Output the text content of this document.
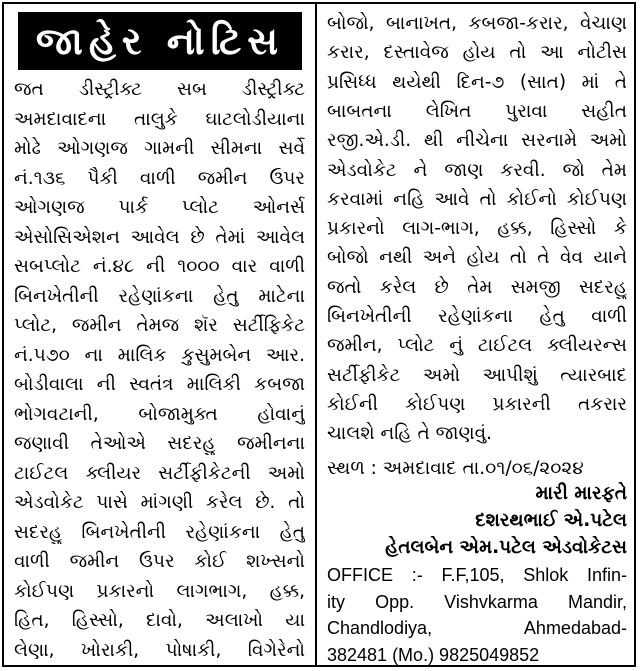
જાહેર નોટિસ
જત ડીસ્ટ્રીક્ટ સબ ડીસ્ટ્રીક્ટ
અમદાવાદના તાલુકે ઘાટલોડીયાના
મોઢે ઓગણજ ગામની સીમના સર્વે
નં.૧૩૬ પૈકી વાળી જમીન ઉપર
ઓગણજ પાર્ક પ્લોટ ઓનર્સ
એસોસિએશન આવેલ છે તેમાં આવેલ
સબપ્લોટ નં.૪૮ ની ૧૦૦૦ વાર વાળી
બિનખેતીની રહેણાંકના હેતુ માટેના
પ્લોટ, જમીન તેમજ શૅર સર્ટીફિકેટ
નં.૫૭૦ ના માલિક કુસુમબેન આર.
બોડીવાલા ની સ્વતંત્ર માલિકી કબજા
ભોગવટાની, બોજામુક્ત હોવાનું
જણાવી તેઓએ સદરહુ જમીનના
ટાઈટલ ક્લીયર સર્ટીફીકેટની અમો
એડવોકેટ પાસે માંગણી કરેલ છે. તો
સદરહુ બિનખેતીની રહેણાંકના હેતુ
વાળી જમીન ઉપર કોઈ શખ્સનો
કોઈપણ પ્રકારનો લાગભાગ, હક્ક,
હિત, હિસ્સો, દાવો, અલાખો યા
લેણા, ખોરાકી, પોષાકી, વિગેરેનો
બોજો, બાનાખત, કબજા-કરાર, વેચાણ
કરાર, દસ્તાવેજ હોય તો આ નોટીસ
પ્રસિધ્ધ થયેથી દિન-૭ (સાત) માં તે
બાબતના લેખિત પુરાવા સહીત
રજી.એ.ડી. થી નીચેના સરનામે અમો
એડવોકેટ ને જાણ કરવી. જો તેમ
કરવામાં નહિ આવે તો કોઈનો કોઈપણ
પ્રકારનો લાગ-ભાગ, હક્ક, હિસ્સો કે
બોજો નથી અને હોય તો તે વેવ યાને
જતો કરેલ છે તેમ સમજી સદરહુ
બિનખેતીની રહેણાંકના હેતુ વાળી
જમીન, પ્લોટ નું ટાઈટલ ક્લીયરન્સ
સર્ટીફીકેટ અમો આપીશું ત્યારબાદ
કોઈની કોઈપણ પ્રકારની તકરાર
ચાલશે નહિ તે જાણવું.
સ્થળ : અમદાવાદ તા.૦૧/૦૬/૨૦૨૪
મારી મારફતે
દશરથભાઈ એ.પટેલ
હેતલબેન એમ.પટેલ એડવોકેટસ
OFFICE :- F.F,105, Shlok Infin-
ity Opp. Vishvkarma Mandir,
Chandlodiya, Ahmedabad-
382481 (Mo.) 9825049852
